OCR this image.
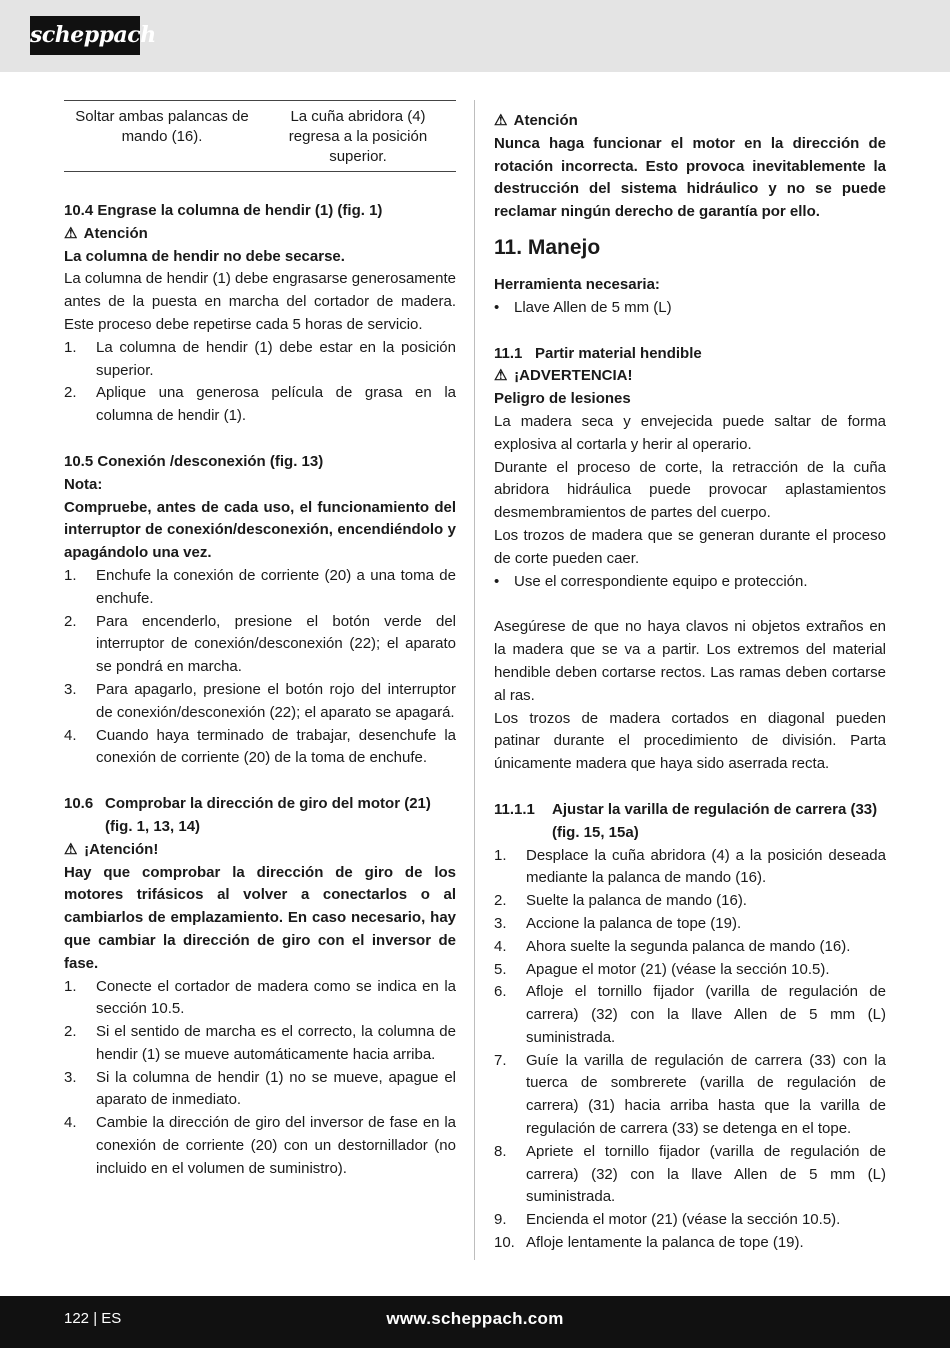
scheppach
Soltar ambas palancas de mando (16).	La cuña abridora (4) regresa a la posición superior.

10.4 Engrase la columna de hendir (1) (fig. 1)

⚠ Atención

La columna de hendir no debe secarse.

La columna de hendir (1) debe engrasarse generosamente antes de la puesta en marcha del cortador de madera. Este proceso debe repetirse cada 5 horas de servicio.

1. La columna de hendir (1) debe estar en la posición superior.
2. Aplique una generosa película de grasa en la columna de hendir (1).

10.5 Conexión /desconexión (fig. 13)

Nota:

Compruebe, antes de cada uso, el funcionamiento del interruptor de conexión/desconexión, encendiéndolo y apagándolo una vez.

1. Enchufe la conexión de corriente (20) a una toma de enchufe.
2. Para encenderlo, presione el botón verde del interruptor de conexión/desconexión (22); el aparato se pondrá en marcha.
3. Para apagarlo, presione el botón rojo del interruptor de conexión/desconexión (22); el aparato se apagará.
4. Cuando haya terminado de trabajar, desenchufe la conexión de corriente (20) de la toma de enchufe.
10.6 Comprobar la dirección de giro del motor (21) (fig. 1, 13, 14)

⚠ ¡Atención!

Hay que comprobar la dirección de giro de los motores trifásicos al volver a conectarlos o al cambiarlos de emplazamiento. En caso necesario, hay que cambiar la dirección de giro con el inversor de fase.

1. Conecte el cortador de madera como se indica en la sección 10.5.
2. Si el sentido de marcha es el correcto, la columna de hendir (1) se mueve automáticamente hacia arriba.
3. Si la columna de hendir (1) no se mueve, apague el aparato de inmediato.
4. Cambie la dirección de giro del inversor de fase en la conexión de corriente (20) con un destornillador (no incluido en el volumen de suministro).

⚠ Atención

Nunca haga funcionar el motor en la dirección de rotación incorrecta. Esto provoca inevitablemente la destrucción del sistema hidráulico y no se puede reclamar ningún derecho de garantía por ello.

11. Manejo

Herramienta necesaria:

• Llave Allen de 5 mm (L)
11.1 Partir material hendible

⚠ ¡ADVERTENCIA!

Peligro de lesiones

La madera seca y envejecida puede saltar de forma explosiva al cortarla y herir al operario.

Durante el proceso de corte, la retracción de la cuña abridora hidráulica puede provocar aplastamientos desmembramientos de partes del cuerpo.

Los trozos de madera que se generan durante el proceso de corte pueden caer.

• Use el correspondiente equipo e protección.

Asegúrese de que no haya clavos ni objetos extraños en la madera que se va a partir. Los extremos del material hendible deben cortarse rectos. Las ramas deben cortarse al ras.

Los trozos de madera cortados en diagonal pueden patinar durante el procedimiento de división. Parta únicamente madera que haya sido aserrada recta.

11.1.1	Ajustar la varilla de regulación de carrera (33) (fig. 15, 15a)
1. Desplace la cuña abridora (4) a la posición deseada mediante la palanca de mando (16).
2. Suelte la palanca de mando (16).
3. Accione la palanca de tope (19).
4. Ahora suelte la segunda palanca de mando (16).
5. Apague el motor (21) (véase la sección 10.5).
6. Afloje el tornillo fijador (varilla de regulación de carrera) (32) con la llave Allen de 5 mm (L) suministrada.
7. Guíe la varilla de regulación de carrera (33) con la tuerca de sombrerete (varilla de regulación de carrera) (31) hacia arriba hasta que la varilla de regulación de carrera (33) se detenga en el tope.
8. Apriete el tornillo fijador (varilla de regulación de carrera) (32) con la llave Allen de 5 mm (L) suministrada.
9. Encienda el motor (21) (véase la sección 10.5).
10. Afloje lentamente la palanca de tope (19).
122 | ES	www.scheppach.com
